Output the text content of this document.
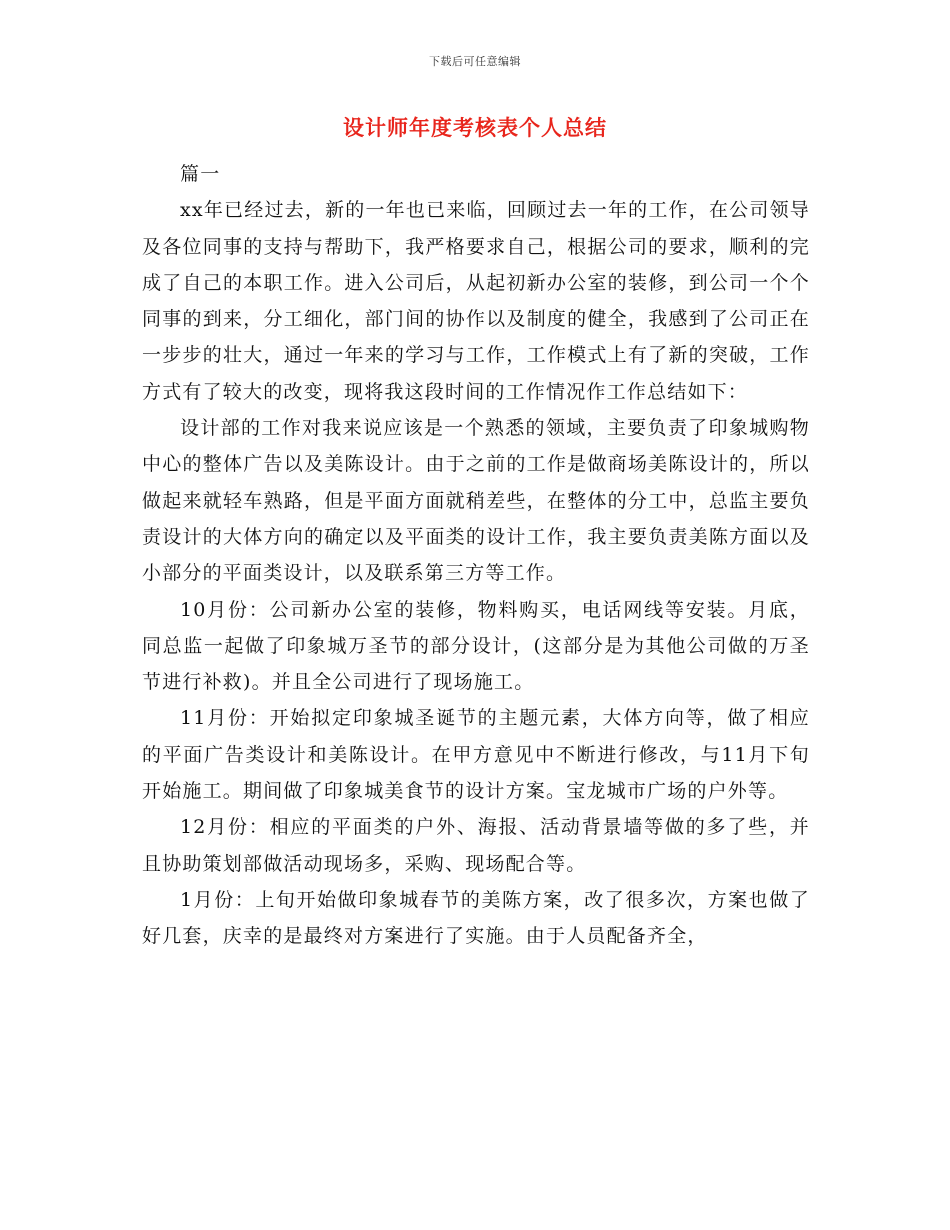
下载后可任意编辑
设计师年度考核表个人总结

篇一

xx年已经过去，新的一年也已来临，回顾过去一年的工作，在公司领导及各位同事的支持与帮助下，我严格要求自己，根据公司的要求，顺利的完成了自己的本职工作。进入公司后，从起初新办公室的装修，到公司一个个同事的到来，分工细化，部门间的协作以及制度的健全，我感到了公司正在一步步的壮大，通过一年来的学习与工作，工作模式上有了新的突破，工作方式有了较大的改变，现将我这段时间的工作情况作工作总结如下：

设计部的工作对我来说应该是一个熟悉的领域，主要负责了印象城购物中心的整体广告以及美陈设计。由于之前的工作是做商场美陈设计的，所以做起来就轻车熟路，但是平面方面就稍差些，在整体的分工中，总监主要负责设计的大体方向的确定以及平面类的设计工作，我主要负责美陈方面以及小部分的平面类设计，以及联系第三方等工作。

10月份：公司新办公室的装修，物料购买，电话网线等安装。月底，同总监一起做了印象城万圣节的部分设计，(这部分是为其他公司做的万圣节进行补救)。并且全公司进行了现场施工。

11月份：开始拟定印象城圣诞节的主题元素，大体方向等，做了相应的平面广告类设计和美陈设计。在甲方意见中不断进行修改，与11月下旬开始施工。期间做了印象城美食节的设计方案。宝龙城市广场的户外等。

12月份：相应的平面类的户外、海报、活动背景墙等做的多了些，并且协助策划部做活动现场多，采购、现场配合等。

1月份：上旬开始做印象城春节的美陈方案，改了很多次，方案也做了好几套，庆幸的是最终对方案进行了实施。由于人员配备齐全，
